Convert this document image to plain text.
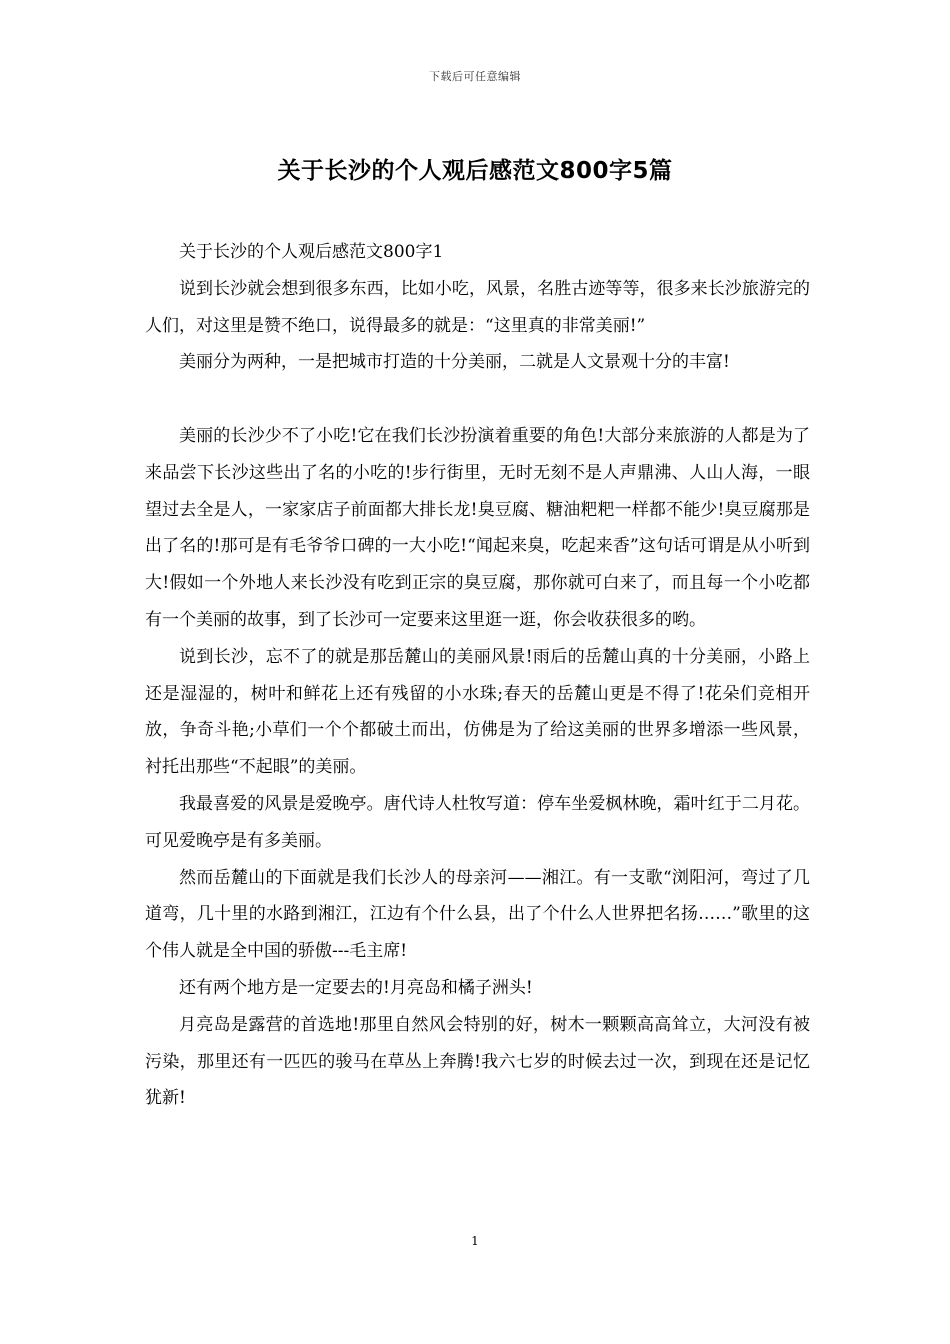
下载后可任意编辑
关于长沙的个人观后感范文800字5篇

关于长沙的个人观后感范文800字1

说到长沙就会想到很多东西，比如小吃，风景，名胜古迹等等，很多来长沙旅游完的人们，对这里是赞不绝口，说得最多的就是：“这里真的非常美丽!”

美丽分为两种，一是把城市打造的十分美丽，二就是人文景观十分的丰富!

美丽的长沙少不了小吃!它在我们长沙扮演着重要的角色!大部分来旅游的人都是为了来品尝下长沙这些出了名的小吃的!步行街里，无时无刻不是人声鼎沸、人山人海，一眼望过去全是人，一家家店子前面都大排长龙!臭豆腐、糖油粑粑一样都不能少!臭豆腐那是出了名的!那可是有毛爷爷口碑的一大小吃!“闻起来臭，吃起来香”这句话可谓是从小听到大!假如一个外地人来长沙没有吃到正宗的臭豆腐，那你就可白来了，而且每一个小吃都有一个美丽的故事，到了长沙可一定要来这里逛一逛，你会收获很多的哟。

说到长沙，忘不了的就是那岳麓山的美丽风景!雨后的岳麓山真的十分美丽，小路上还是湿湿的，树叶和鲜花上还有残留的小水珠;春天的岳麓山更是不得了!花朵们竞相开放，争奇斗艳;小草们一个个都破土而出，仿佛是为了给这美丽的世界多增添一些风景，衬托出那些“不起眼”的美丽。

我最喜爱的风景是爱晚亭。唐代诗人杜牧写道：停车坐爱枫林晚，霜叶红于二月花。可见爱晚亭是有多美丽。

然而岳麓山的下面就是我们长沙人的母亲河——湘江。有一支歌“浏阳河，弯过了几道弯，几十里的水路到湘江，江边有个什么县，出了个什么人世界把名扬……”歌里的这个伟人就是全中国的骄傲---毛主席!

还有两个地方是一定要去的!月亮岛和橘子洲头!

月亮岛是露营的首选地!那里自然风会特别的好，树木一颗颗高高耸立，大河没有被污染，那里还有一匹匹的骏马在草丛上奔腾!我六七岁的时候去过一次，到现在还是记忆犹新!

1
